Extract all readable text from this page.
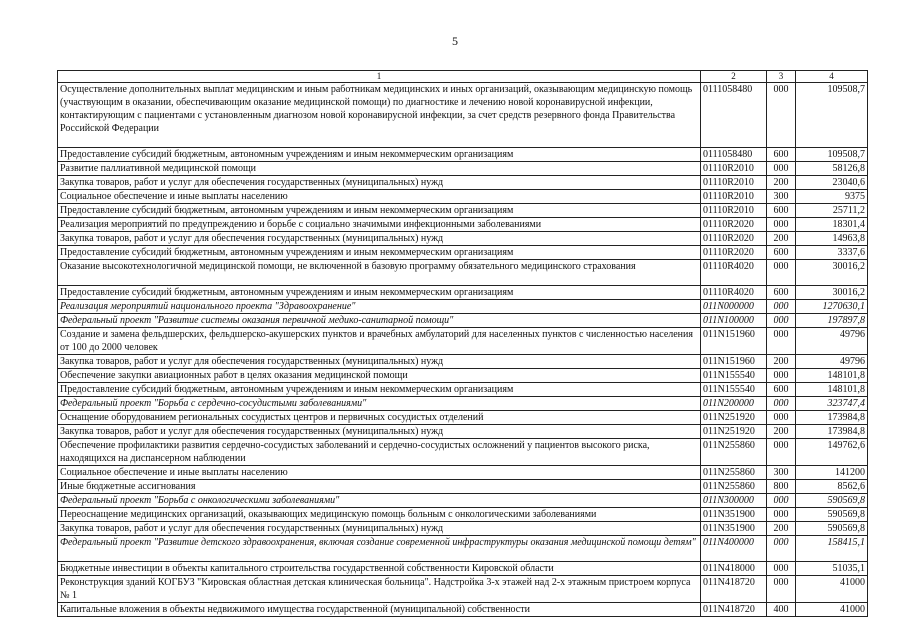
5
1	2	3	4
Осуществление дополнительных выплат медицинским и иным работникам медицинских и иных организаций, оказывающим медицинскую помощь (участвующим в оказании, обеспечивающим оказание медицинской помощи) по диагностике и лечению новой коронавирусной инфекции, контактирующим с пациентами с установленным диагнозом новой коронавирусной инфекции, за счет средств резервного фонда Правительства Российской Федерации	0111058480	000	109508,7
Предоставление субсидий бюджетным, автономным учреждениям и иным некоммерческим организациям	0111058480	600	109508,7
Развитие паллиативной медицинской помощи	01110R2010	000	58126,8
Закупка товаров, работ и услуг для обеспечения государственных (муниципальных) нужд	01110R2010	200	23040,6
Социальное обеспечение и иные выплаты населению	01110R2010	300	9375
Предоставление субсидий бюджетным, автономным учреждениям и иным некоммерческим организациям	01110R2010	600	25711,2
Реализация мероприятий по предупреждению и борьбе с социально значимыми инфекционными заболеваниями	01110R2020	000	18301,4
Закупка товаров, работ и услуг для обеспечения государственных (муниципальных) нужд	01110R2020	200	14963,8
Предоставление субсидий бюджетным, автономным учреждениям и иным некоммерческим организациям	01110R2020	600	3337,6
Оказание высокотехнологичной медицинской помощи, не включенной в базовую программу обязательного медицинского страхования	01110R4020	000	30016,2
Предоставление субсидий бюджетным, автономным учреждениям и иным некоммерческим организациям	01110R4020	600	30016,2
Реализация мероприятий национального проекта "Здравоохранение"	011N000000	000	1270630,1
Федеральный проект "Развитие системы оказания первичной медико-санитарной помощи"	011N100000	000	197897,8
Создание и замена фельдшерских, фельдшерско-акушерских пунктов и врачебных амбулаторий для населенных пунктов с численностью населения от 100 до 2000 человек	011N151960	000	49796
Закупка товаров, работ и услуг для обеспечения государственных (муниципальных) нужд	011N151960	200	49796
Обеспечение закупки авиационных работ в целях оказания медицинской помощи	011N155540	000	148101,8
Предоставление субсидий бюджетным, автономным учреждениям и иным некоммерческим организациям	011N155540	600	148101,8
Федеральный проект "Борьба с сердечно-сосудистыми заболеваниями"	011N200000	000	323747,4
Оснащение оборудованием региональных сосудистых центров и первичных сосудистых отделений	011N251920	000	173984,8
Закупка товаров, работ и услуг для обеспечения государственных (муниципальных) нужд	011N251920	200	173984,8
Обеспечение профилактики развития сердечно-сосудистых заболеваний и сердечно-сосудистых осложнений у пациентов высокого риска, находящихся на диспансерном наблюдении	011N255860	000	149762,6
Социальное обеспечение и иные выплаты населению	011N255860	300	141200
Иные бюджетные ассигнования	011N255860	800	8562,6
Федеральный проект "Борьба с онкологическими заболеваниями"	011N300000	000	590569,8
Переоснащение медицинских организаций, оказывающих медицинскую помощь больным с онкологическими заболеваниями	011N351900	000	590569,8
Закупка товаров, работ и услуг для обеспечения государственных (муниципальных) нужд	011N351900	200	590569,8
Федеральный проект "Развитие детского здравоохранения, включая создание современной инфраструктуры оказания медицинской помощи детям"	011N400000	000	158415,1
Бюджетные инвестиции в объекты капитального строительства государственной собственности Кировской области	011N418000	000	51035,1
Реконструкция зданий КОГБУЗ "Кировская областная детская клиническая больница". Надстройка 3-х этажей над 2-х этажным пристроем корпуса № 1	011N418720	000	41000
Капитальные вложения в объекты недвижимого имущества государственной (муниципальной) собственности	011N418720	400	41000
